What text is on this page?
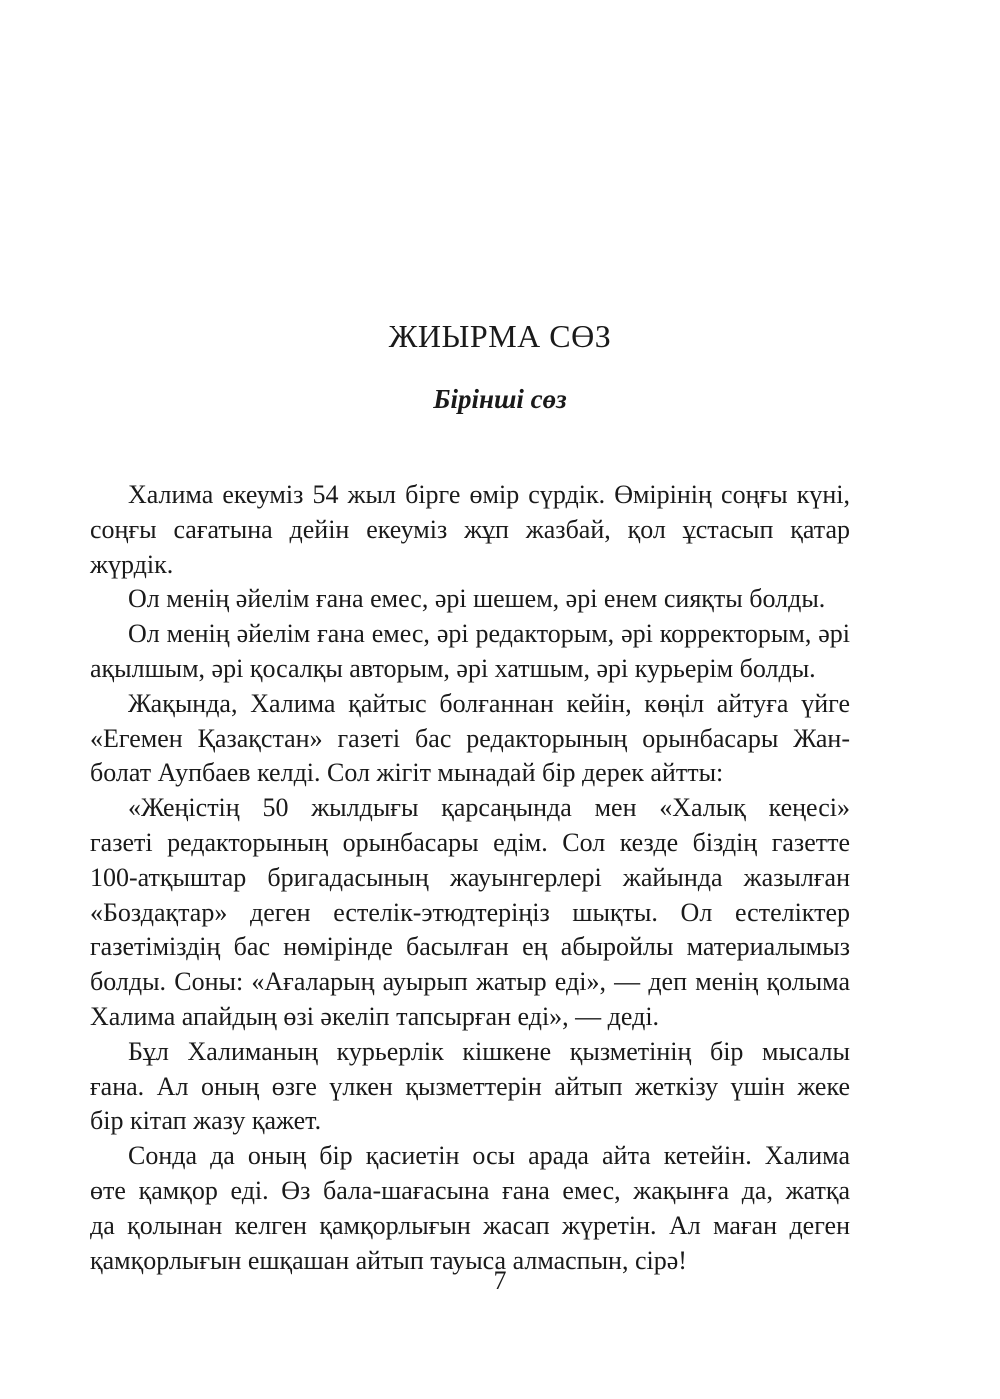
ЖИЫРМА СӨЗ
Бірінші сөз
Халима екеуміз 54 жыл бірге өмір сүрдік. Өмірінің соңғы күні,
соңғы сағатына дейін екеуміз жұп жазбай, қол ұстасып қатар
жүрдік.
Ол менің әйелім ғана емес, әрі шешем, әрі енем сияқты болды.
Ол менің әйелім ғана емес, әрі редакторым, әрі корректорым, әрі
ақылшым, әрі қосалқы авторым, әрі хатшым, әрі курьерім болды.
Жақында, Халима қайтыс болғаннан кейін, көңіл айтуға үйге
«Егемен Қазақстан» газеті бас редакторының орынбасары Жан-
болат Аупбаев келді. Сол жігіт мынадай бір дерек айтты:
«Жеңістің 50 жылдығы қарсаңында мен «Халық кеңесі»
газеті редакторының орынбасары едім. Сол кезде біздің газетте
100-атқыштар бригадасының жауынгерлері жайында жазылған
«Боздақтар» деген естелік-этюдтеріңіз шықты. Ол естеліктер
газетіміздің бас нөмірінде басылған ең абыройлы материалымыз
болды. Соны: «Ағаларың ауырып жатыр еді», — деп менің қолыма
Халима апайдың өзі әкеліп тапсырған еді», — деді.
Бұл Халиманың курьерлік кішкене қызметінің бір мысалы
ғана. Ал оның өзге үлкен қызметтерін айтып жеткізу үшін жеке
бір кітап жазу қажет.
Сонда да оның бір қасиетін осы арада айта кетейін. Халима
өте қамқор еді. Өз бала-шағасына ғана емес, жақынға да, жатқа
да қолынан келген қамқорлығын жасап жүретін. Ал маған деген
қамқорлығын ешқашан айтып тауыса алмаспын, сірә!
7
